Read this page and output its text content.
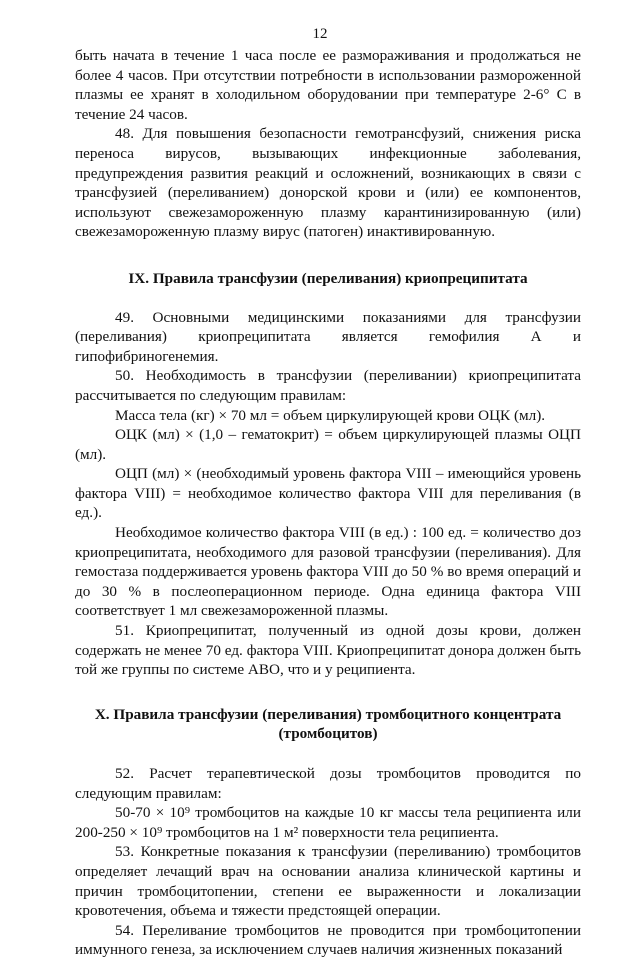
12

быть начата в течение 1 часа после ее размораживания и продолжаться не более 4 часов. При отсутствии потребности в использовании размороженной плазмы ее хранят в холодильном оборудовании при температуре 2-6° С в течение 24 часов.

48. Для повышения безопасности гемотрансфузий, снижения риска переноса вирусов, вызывающих инфекционные заболевания, предупреждения развития реакций и осложнений, возникающих в связи с трансфузией (переливанием) донорской крови и (или) ее компонентов, используют свежезамороженную плазму карантинизированную (или) свежезамороженную плазму вирус (патоген) инактивированную.

IX. Правила трансфузии (переливания) криопреципитата

49. Основными медицинскими показаниями для трансфузии (переливания) криопреципитата является гемофилия А и гипофибриногенемия.

50. Необходимость в трансфузии (переливании) криопреципитата рассчитывается по следующим правилам:

Масса тела (кг) × 70 мл = объем циркулирующей крови ОЦК (мл).

ОЦК (мл) × (1,0 – гематокрит) = объем циркулирующей плазмы ОЦП (мл).

ОЦП (мл) × (необходимый уровень фактора VIII – имеющийся уровень фактора VIII) = необходимое количество фактора VIII для переливания (в ед.).

Необходимое количество фактора VIII (в ед.) : 100 ед. = количество доз криопреципитата, необходимого для разовой трансфузии (переливания). Для гемостаза поддерживается уровень фактора VIII до 50 % во время операций и до 30 % в послеоперационном периоде. Одна единица фактора VIII соответствует 1 мл свежезамороженной плазмы.

51. Криопреципитат, полученный из одной дозы крови, должен содержать не менее 70 ед. фактора VIII. Криопреципитат донора должен быть той же группы по системе АВО, что и у реципиента.

X. Правила трансфузии (переливания) тромбоцитного концентрата (тромбоцитов)

52. Расчет терапевтической дозы тромбоцитов проводится по следующим правилам:

50-70 × 10⁹ тромбоцитов на каждые 10 кг массы тела реципиента или 200-250 × 10⁹ тромбоцитов на 1 м² поверхности тела реципиента.

53. Конкретные показания к трансфузии (переливанию) тромбоцитов определяет лечащий врач на основании анализа клинической картины и причин тромбоцитопении, степени ее выраженности и локализации кровотечения, объема и тяжести предстоящей операции.

54. Переливание тромбоцитов не проводится при тромбоцитопении иммунного генеза, за исключением случаев наличия жизненных показаний
